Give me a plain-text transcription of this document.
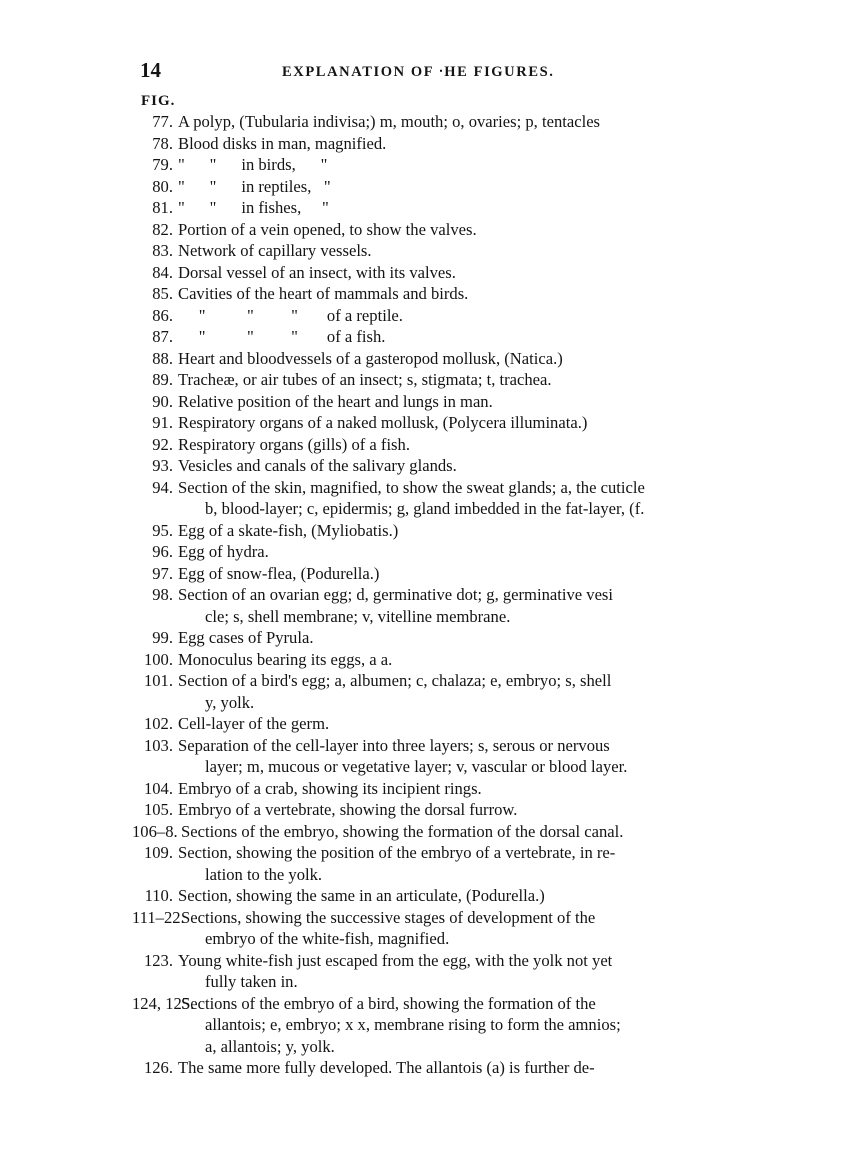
14	EXPLANATION OF ᐧHE FIGURES.
FIG.
77. A polyp, (Tubularia indivisa;) m, mouth; o, ovaries; p, tentacles
78. Blood disks in man, magnified.
79. "      "      in birds,      "
80. "      "      in reptiles,   "
81. "      "      in fishes,     "
82. Portion of a vein opened, to show the valves.
83. Network of capillary vessels.
84. Dorsal vessel of an insect, with its valves.
85. Cavities of the heart of mammals and birds.
86. "          "         "       of a reptile.
87. "          "         "       of a fish.
88. Heart and bloodvessels of a gasteropod mollusk, (Natica.)
89. Tracheæ, or air tubes of an insect; s, stigmata; t, trachea.
90. Relative position of the heart and lungs in man.
91. Respiratory organs of a naked mollusk, (Polycera illuminata.)
92. Respiratory organs (gills) of a fish.
93. Vesicles and canals of the salivary glands.
94. Section of the skin, magnified, to show the sweat glands; a, the cuticle
b, blood-layer; c, epidermis; g, gland imbedded in the fat-layer, (f.
95. Egg of a skate-fish, (Myliobatis.)
96. Egg of hydra.
97. Egg of snow-flea, (Podurella.)
98. Section of an ovarian egg; d, germinative dot; g, germinative vesi
cle; s, shell membrane; v, vitelline membrane.
99. Egg cases of Pyrula.
100. Monoculus bearing its eggs, a a.
101. Section of a bird's egg; a, albumen; c, chalaza; e, embryo; s, shell
y, yolk.
102. Cell-layer of the germ.
103. Separation of the cell-layer into three layers; s, serous or nervous
layer; m, mucous or vegetative layer; v, vascular or blood layer.
104. Embryo of a crab, showing its incipient rings.
105. Embryo of a vertebrate, showing the dorsal furrow.
106–8. Sections of the embryo, showing the formation of the dorsal canal.
109. Section, showing the position of the embryo of a vertebrate, in re-
lation to the yolk.
110. Section, showing the same in an articulate, (Podurella.)
111–22.
Sections, showing the successive stages of development of the
embryo of the white-fish, magnified.
123. Young white-fish just escaped from the egg, with the yolk not yet
fully taken in.
124, 125.
Sections of the embryo of a bird, showing the formation of the
allantois; e, embryo; x x, membrane rising to form the amnios;
a, allantois; y, yolk.
126. The same more fully developed. The allantois (a) is further de-
